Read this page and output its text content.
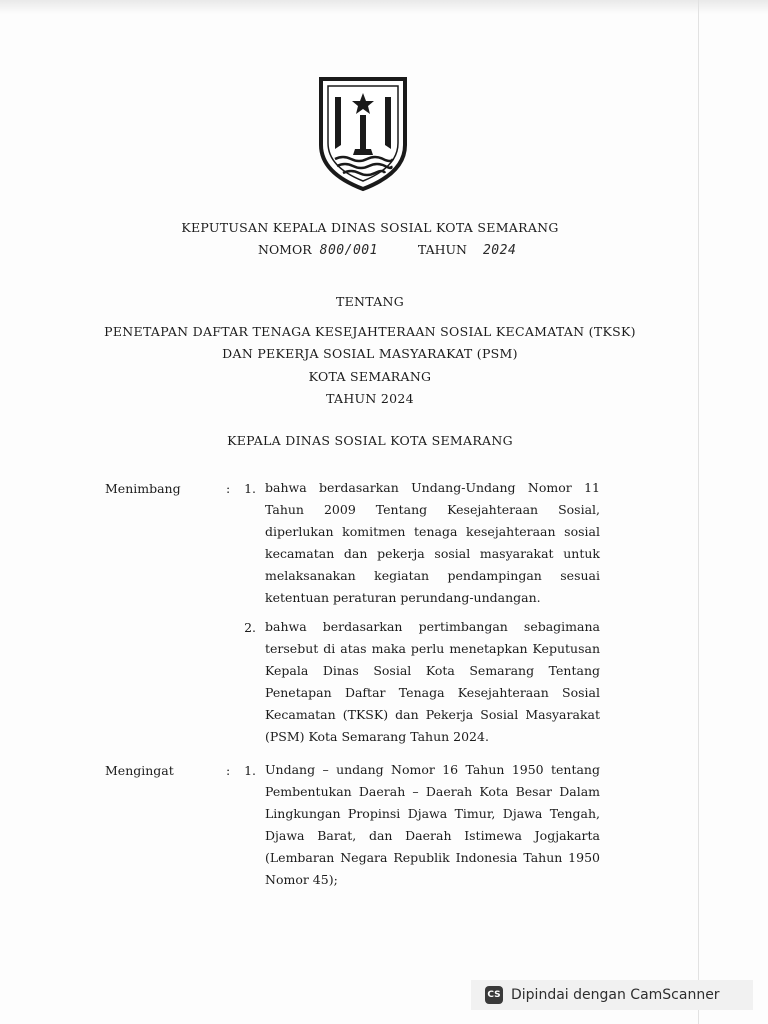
KEPUTUSAN KEPALA DINAS SOSIAL KOTA SEMARANG
NOMOR 800/001	TAHUN 2024
TENTANG
PENETAPAN DAFTAR TENAGA KESEJAHTERAAN SOSIAL KECAMATAN (TKSK)
DAN PEKERJA SOSIAL MASYARAKAT (PSM)
KOTA SEMARANG
TAHUN 2024
KEPALA DINAS SOSIAL KOTA SEMARANG
Menimbang	:	1. bahwa berdasarkan Undang-Undang Nomor 11 Tahun 2009 Tentang Kesejahteraan Sosial, diperlukan komitmen tenaga kesejahteraan sosial kecamatan dan pekerja sosial masyarakat untuk melaksanakan kegiatan pendampingan sesuai ketentuan peraturan perundang-undangan.
2. bahwa berdasarkan pertimbangan sebagimana tersebut di atas maka perlu menetapkan Keputusan Kepala Dinas Sosial Kota Semarang Tentang Penetapan Daftar Tenaga Kesejahteraan Sosial Kecamatan (TKSK) dan Pekerja Sosial Masyarakat (PSM) Kota Semarang Tahun 2024.
Mengingat	:	1. Undang – undang Nomor 16 Tahun 1950 tentang Pembentukan Daerah – Daerah Kota Besar Dalam Lingkungan Propinsi Djawa Timur, Djawa Tengah, Djawa Barat, dan Daerah Istimewa Jogjakarta (Lembaran Negara Republik Indonesia Tahun 1950 Nomor 45);
CS Dipindai dengan CamScanner
